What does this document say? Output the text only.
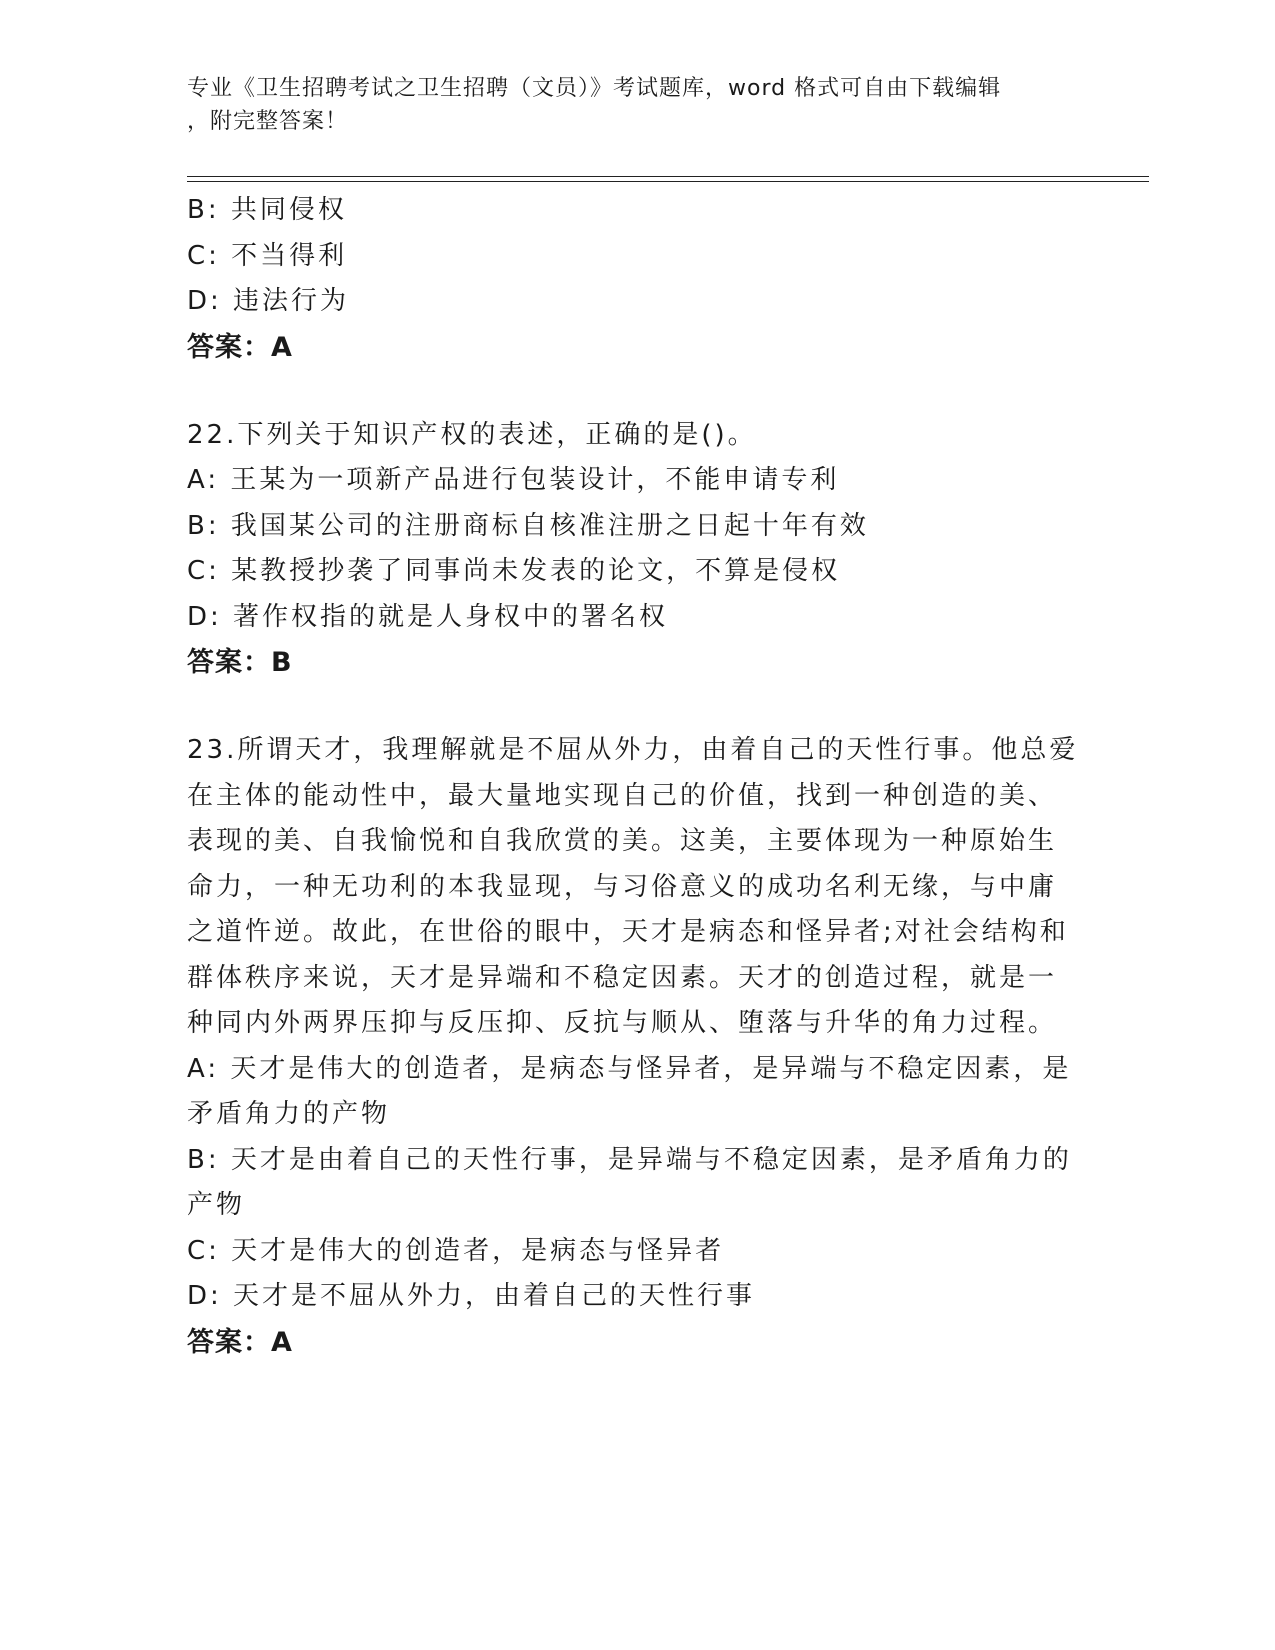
专业《卫生招聘考试之卫生招聘（文员）》考试题库，word 格式可自由下载编辑
，附完整答案！
B: 共同侵权
C: 不当得利
D: 违法行为
答案：A
22.下列关于知识产权的表述，正确的是()。
A: 王某为一项新产品进行包装设计，不能申请专利
B: 我国某公司的注册商标自核准注册之日起十年有效
C: 某教授抄袭了同事尚未发表的论文，不算是侵权
D: 著作权指的就是人身权中的署名权
答案：B
23.所谓天才，我理解就是不屈从外力，由着自己的天性行事。他总爱
在主体的能动性中，最大量地实现自己的价值，找到一种创造的美、
表现的美、自我愉悦和自我欣赏的美。这美，主要体现为一种原始生
命力，一种无功利的本我显现，与习俗意义的成功名利无缘，与中庸
之道忤逆。故此，在世俗的眼中，天才是病态和怪异者;对社会结构和
群体秩序来说，天才是异端和不稳定因素。天才的创造过程，就是一
种同内外两界压抑与反压抑、反抗与顺从、堕落与升华的角力过程。
A: 天才是伟大的创造者，是病态与怪异者，是异端与不稳定因素，是
矛盾角力的产物
B: 天才是由着自己的天性行事，是异端与不稳定因素，是矛盾角力的
产物
C: 天才是伟大的创造者，是病态与怪异者
D: 天才是不屈从外力，由着自己的天性行事
答案：A
